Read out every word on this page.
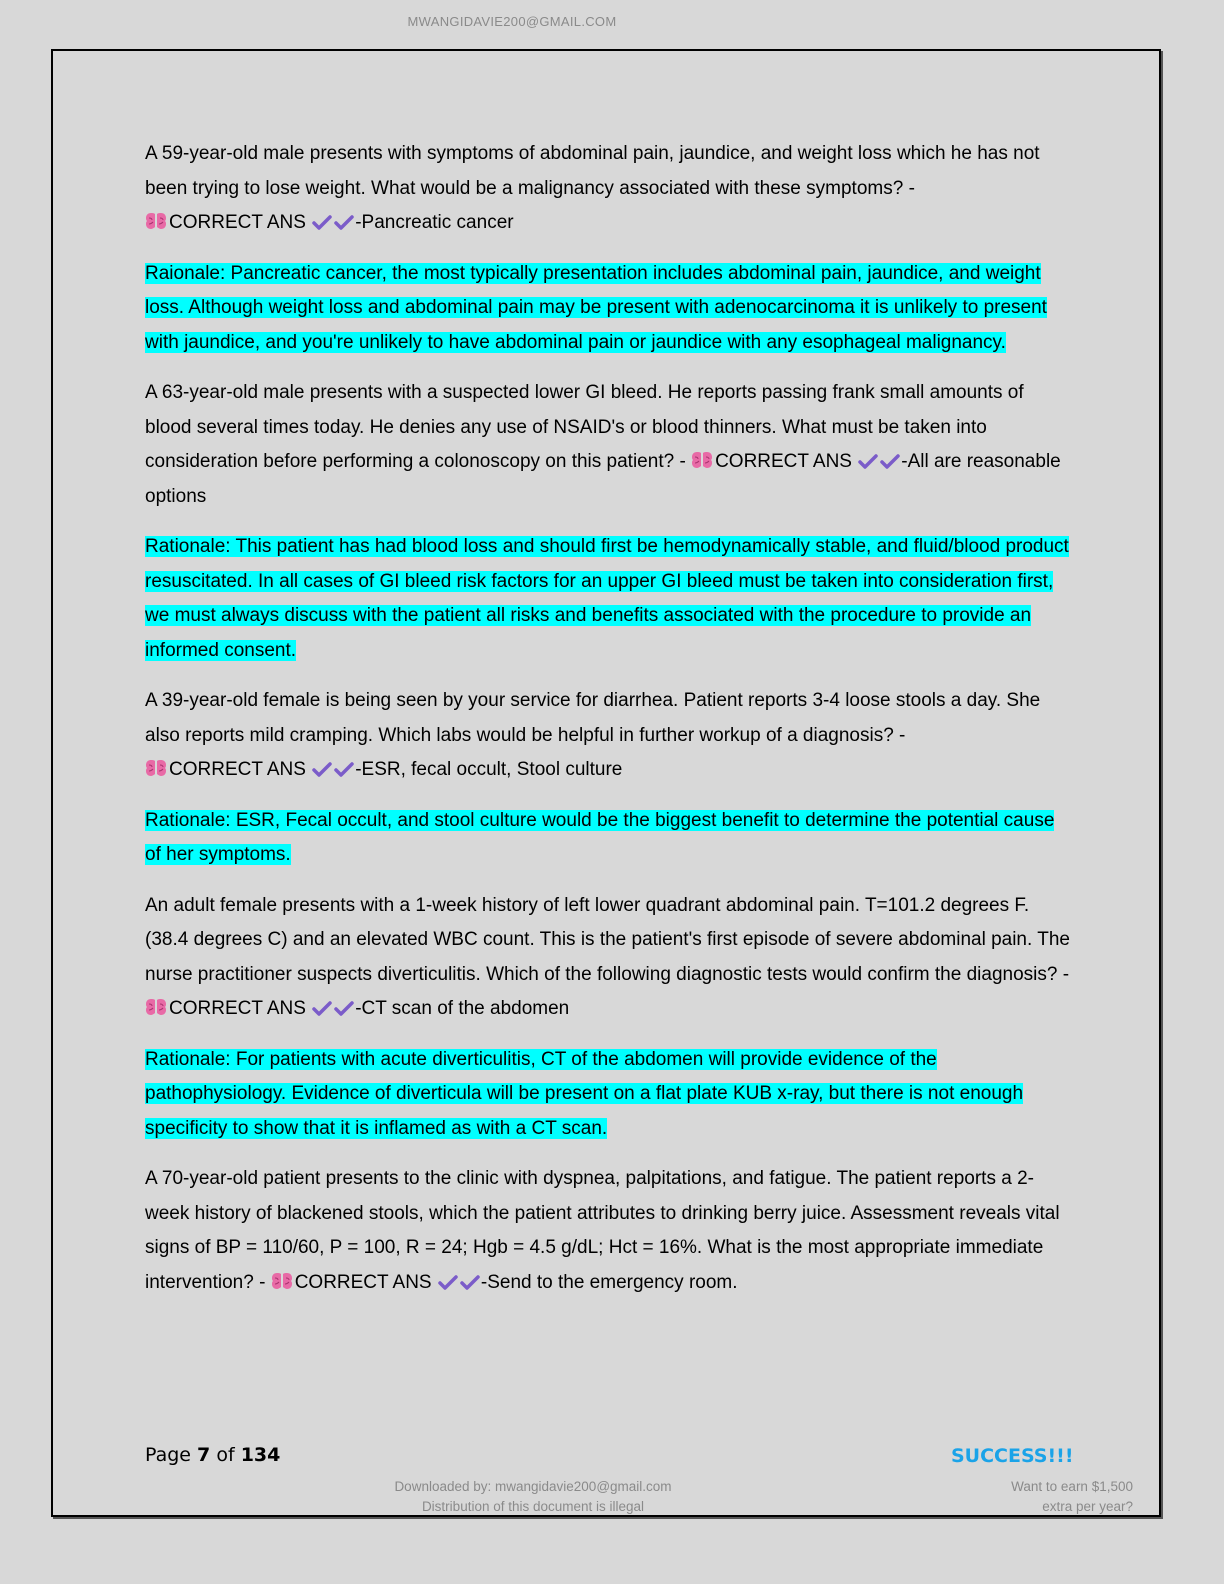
MWANGIDAVIE200@GMAIL.COM

A 59-year-old male presents with symptoms of abdominal pain, jaundice, and weight loss which he has not been trying to lose weight. What would be a malignancy associated with these symptoms? -
CORRECT ANS	-Pancreatic cancer

Raionale: Pancreatic cancer, the most typically presentation includes abdominal pain, jaundice, and weight loss. Although weight loss and abdominal pain may be present with adenocarcinoma it is unlikely to present with jaundice, and you're unlikely to have abdominal pain or jaundice with any esophageal malignancy.

A 63-year-old male presents with a suspected lower GI bleed. He reports passing frank small amounts of blood several times today. He denies any use of NSAID's or blood thinners. What must be taken into consideration before performing a colonoscopy on this patient? - CORRECT ANS	-All are reasonable options

Rationale: This patient has had blood loss and should first be hemodynamically stable, and fluid/blood product resuscitated. In all cases of GI bleed risk factors for an upper GI bleed must be taken into consideration first, we must always discuss with the patient all risks and benefits associated with the procedure to provide an informed consent.

A 39-year-old female is being seen by your service for diarrhea. Patient reports 3-4 loose stools a day. She also reports mild cramping. Which labs would be helpful in further workup of a diagnosis? -
CORRECT ANS	-ESR, fecal occult, Stool culture

Rationale: ESR, Fecal occult, and stool culture would be the biggest benefit to determine the potential cause of her symptoms.

An adult female presents with a 1-week history of left lower quadrant abdominal pain. T=101.2 degrees F. (38.4 degrees C) and an elevated WBC count. This is the patient's first episode of severe abdominal pain. The nurse practitioner suspects diverticulitis. Which of the following diagnostic tests would confirm the diagnosis? - CORRECT ANS	-CT scan of the abdomen

Rationale: For patients with acute diverticulitis, CT of the abdomen will provide evidence of the pathophysiology. Evidence of diverticula will be present on a flat plate KUB x-ray, but there is not enough specificity to show that it is inflamed as with a CT scan.

A 70-year-old patient presents to the clinic with dyspnea, palpitations, and fatigue. The patient reports a 2-week history of blackened stools, which the patient attributes to drinking berry juice. Assessment reveals vital signs of BP = 110/60, P = 100, R = 24; Hgb = 4.5 g/dL; Hct = 16%. What is the most appropriate immediate intervention? - CORRECT ANS	-Send to the emergency room.

Page 7 of 134	SUCCESS!!!
Downloaded by: mwangidavie200@gmail.com
Distribution of this document is illegal
Want to earn $1,500
extra per year?
